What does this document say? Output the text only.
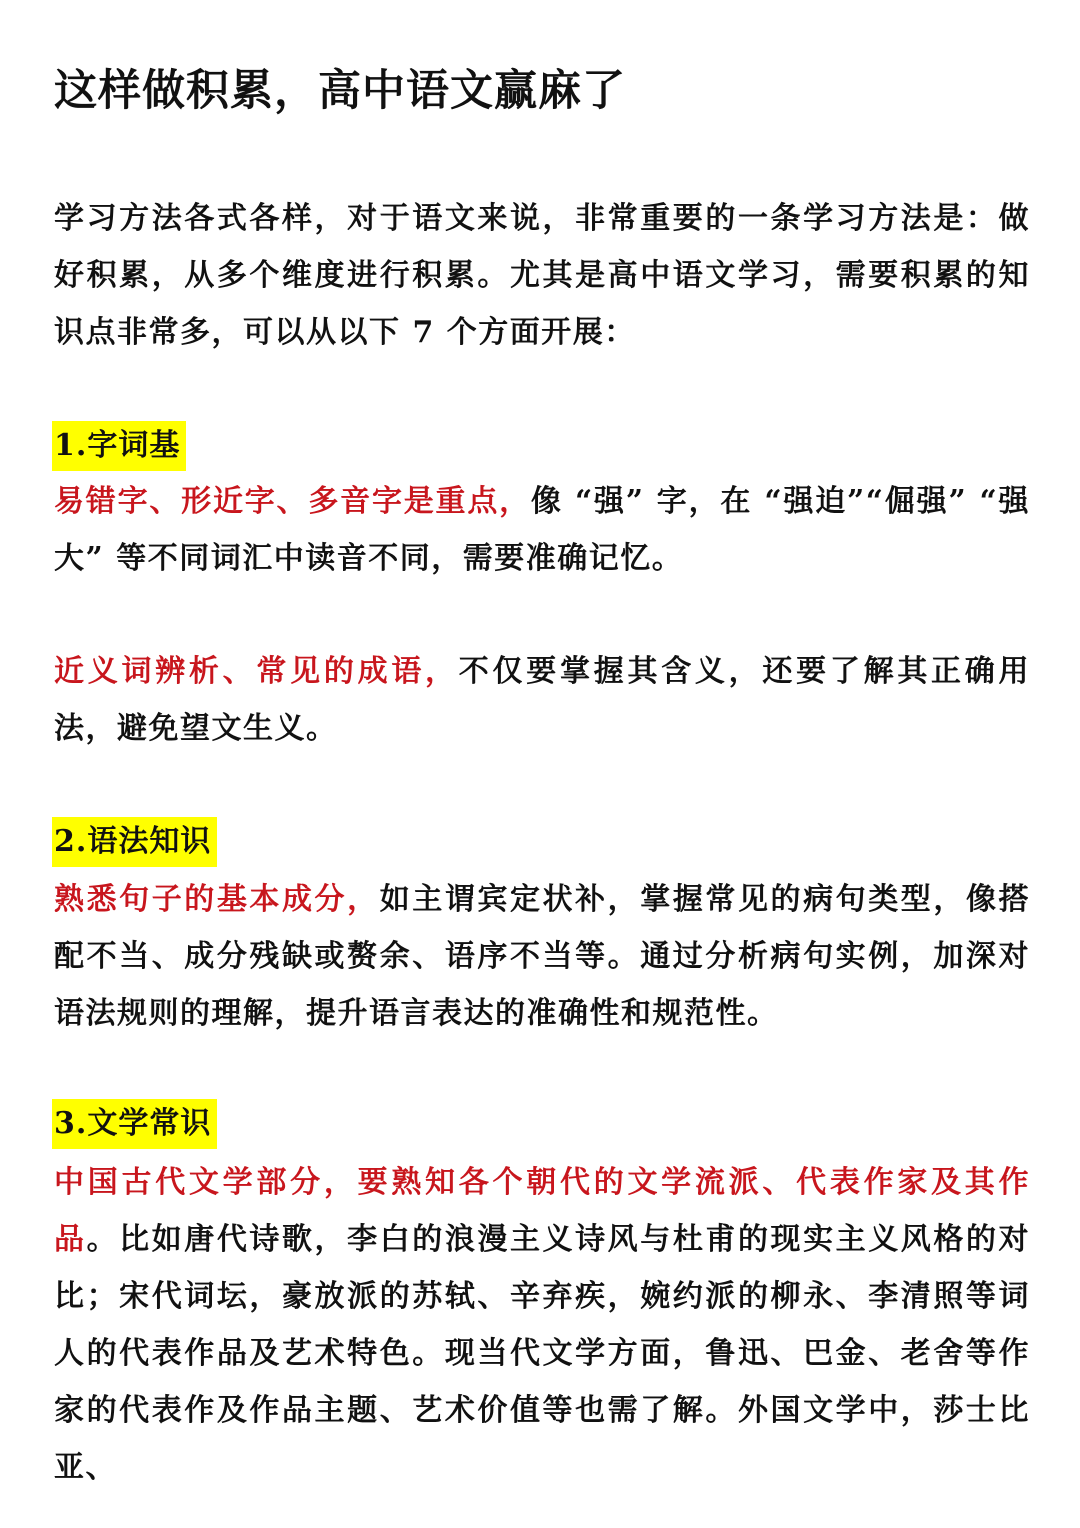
这样做积累，高中语文赢麻了

学习方法各式各样，对于语文来说，非常重要的一条学习方法是：做好积累，从多个维度进行积累。尤其是高中语文学习，需要积累的知识点非常多，可以从以下 7 个方面开展：

1.字词基

易错字、形近字、多音字是重点，像 “强” 字，在 “强迫”“倔强” “强大” 等不同词汇中读音不同，需要准确记忆。

近义词辨析、常见的成语，不仅要掌握其含义，还要了解其正确用法，避免望文生义。

2.语法知识

熟悉句子的基本成分，如主谓宾定状补，掌握常见的病句类型，像搭配不当、成分残缺或赘余、语序不当等。通过分析病句实例，加深对语法规则的理解，提升语言表达的准确性和规范性。

3.文学常识

中国古代文学部分，要熟知各个朝代的文学流派、代表作家及其作品。比如唐代诗歌，李白的浪漫主义诗风与杜甫的现实主义风格的对比；宋代词坛，豪放派的苏轼、辛弃疾，婉约派的柳永、李清照等词人的代表作品及艺术特色。现当代文学方面，鲁迅、巴金、老舍等作家的代表作及作品主题、艺术价值等也需了解。外国文学中，莎士比亚、
